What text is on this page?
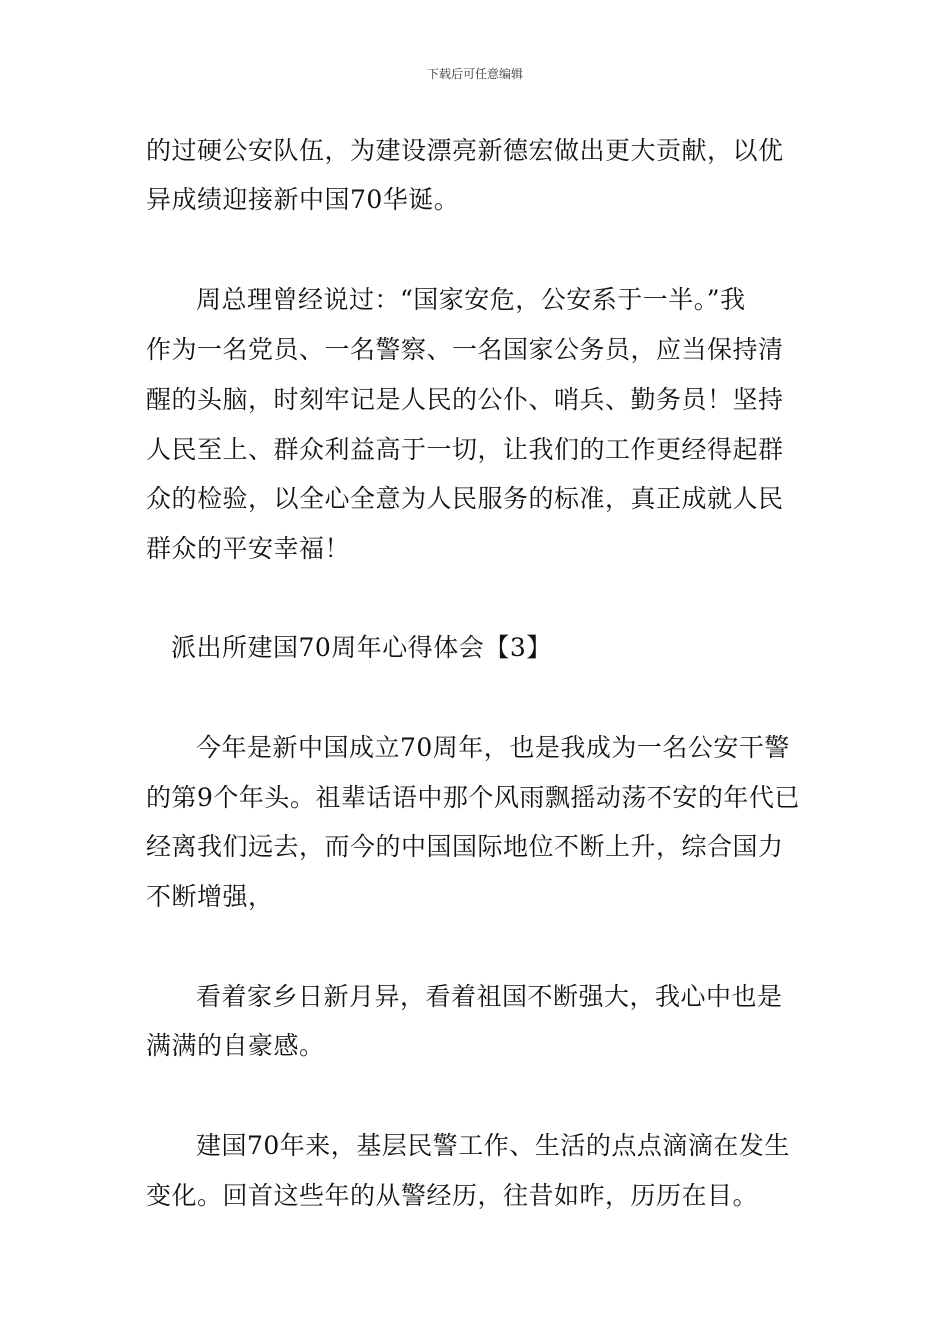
下载后可任意编辑
的过硬公安队伍，为建设漂亮新德宏做出更大贡献，以优
异成绩迎接新中国70华诞。
周总理曾经说过：“国家安危，公安系于一半。”我
作为一名党员、一名警察、一名国家公务员，应当保持清
醒的头脑，时刻牢记是人民的公仆、哨兵、勤务员！坚持
人民至上、群众利益高于一切，让我们的工作更经得起群
众的检验，以全心全意为人民服务的标准，真正成就人民
群众的平安幸福！
派出所建国70周年心得体会【3】
今年是新中国成立70周年，也是我成为一名公安干警
的第9个年头。祖辈话语中那个风雨飘摇动荡不安的年代已
经离我们远去，而今的中国国际地位不断上升，综合国力
不断增强，
看着家乡日新月异，看着祖国不断强大，我心中也是
满满的自豪感。
建国70年来，基层民警工作、生活的点点滴滴在发生
变化。回首这些年的从警经历，往昔如昨，历历在目。
